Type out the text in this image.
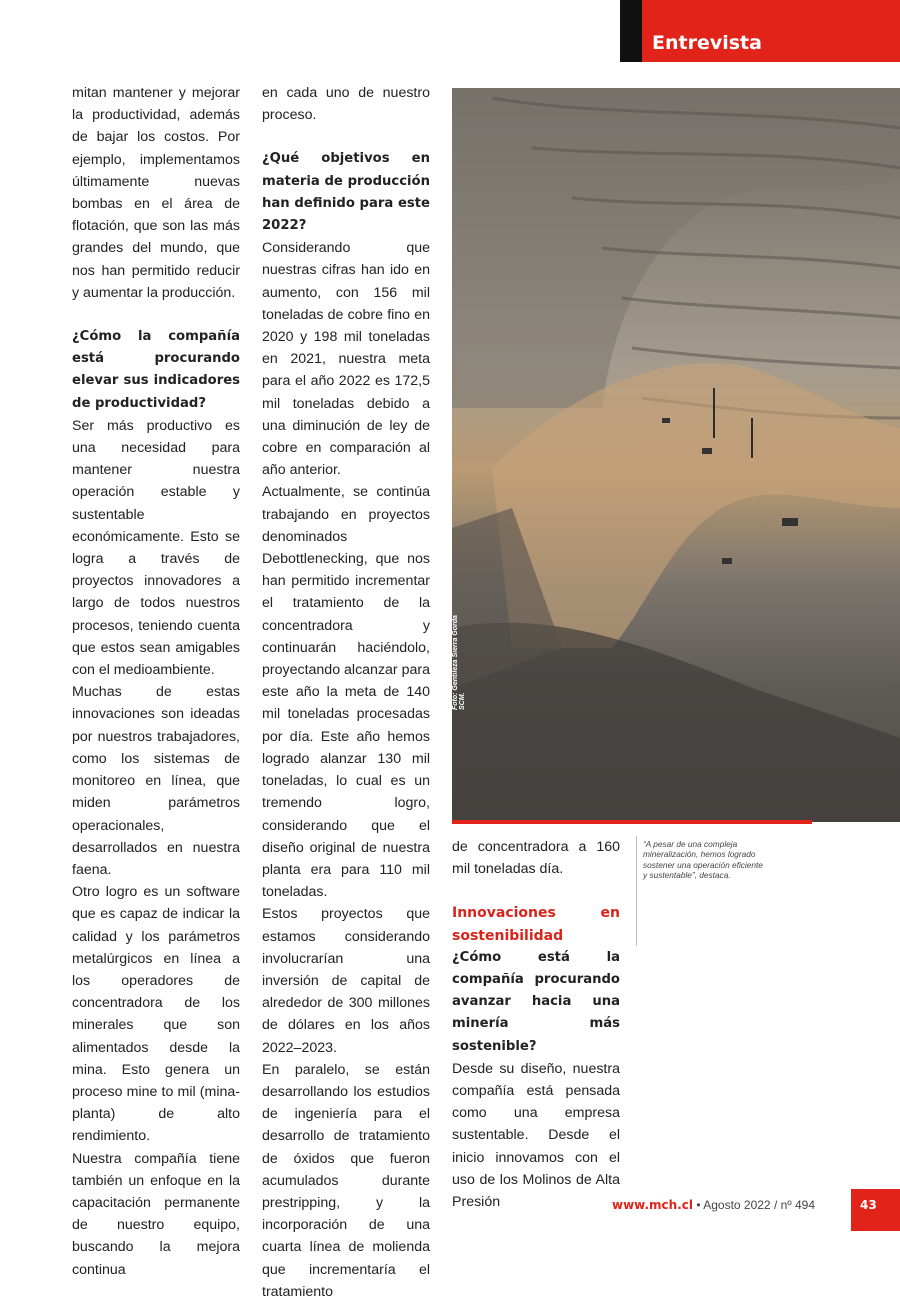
Entrevista

mitan mantener y mejorar la productividad, además de bajar los costos. Por ejemplo, implementamos últimamente nuevas bombas en el área de flotación, que son las más grandes del mundo, que nos han permitido reducir y aumentar la producción.

¿Cómo la compañía está procurando elevar sus indicadores de productividad?

Ser más productivo es una necesidad para mantener nuestra operación estable y sustentable económicamente. Esto se logra a través de proyectos innovadores a largo de todos nuestros procesos, teniendo cuenta que estos sean amigables con el medioambiente.

Muchas de estas innovaciones son ideadas por nuestros trabajadores, como los sistemas de monitoreo en línea, que miden parámetros operacionales, desarrollados en nuestra faena.

Otro logro es un software que es capaz de indicar la calidad y los parámetros metalúrgicos en línea a los operadores de concentradora de los minerales que son alimentados desde la mina. Esto genera un proceso mine to mil (mina-planta) de alto rendimiento.

Nuestra compañía tiene también un enfoque en la capacitación permanente de nuestro equipo, buscando la mejora continua

en cada uno de nuestro proceso.

¿Qué objetivos en materia de producción han definido para este 2022?

Considerando que nuestras cifras han ido en aumento, con 156 mil toneladas de cobre fino en 2020 y 198 mil toneladas en 2021, nuestra meta para el año 2022 es 172,5 mil toneladas debido a una diminución de ley de cobre en comparación al año anterior.

Actualmente, se continúa trabajando en proyectos denominados Debottlenecking, que nos han permitido incrementar el tratamiento de la concentradora y continuarán haciéndolo, proyectando alcanzar para este año la meta de 140 mil toneladas procesadas por día. Este año hemos logrado alanzar 130 mil toneladas, lo cual es un tremendo logro, considerando que el diseño original de nuestra planta era para 110 mil toneladas.

Estos proyectos que estamos considerando involucrarían una inversión de capital de alrededor de 300 millones de dólares en los años 2022–2023.

En paralelo, se están desarrollando los estudios de ingeniería para el desarrollo de tratamiento de óxidos que fueron acumulados durante prestripping, y la incorporación de una cuarta línea de molienda que incrementaría el tratamiento

Foto: Gentileza Sierra Gorda SCM.

de concentradora a 160 mil toneladas día.

Innovaciones en sostenibilidad

¿Cómo está la compañía procurando avanzar hacia una minería más sostenible?

Desde su diseño, nuestra compañía está pensada como una empresa sustentable. Desde el inicio innovamos con el uso de los Molinos de Alta Presión

“A pesar de una compleja mineralización, hemos logrado sostener una operación eficiente y sustentable”, destaca.
www.mch.cl • Agosto 2022 / nº 494	43
